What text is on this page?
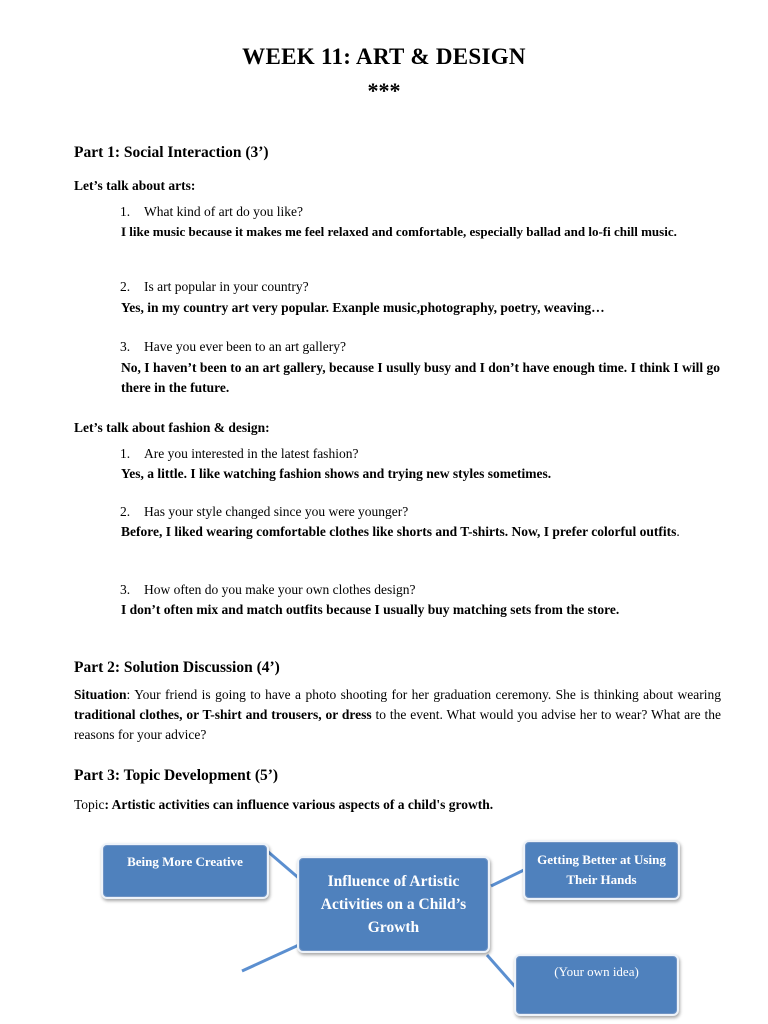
WEEK 11: ART & DESIGN
***
Part 1: Social Interaction (3’)
Let’s talk about arts:
1. What kind of art do you like?
I like music because it makes me feel relaxed and comfortable, especially ballad and lo-fi chill music.
2. Is art popular in your country?
Yes, in my country art very popular. Exanple music,photography, poetry, weaving…
3. Have you ever been to an art gallery?
No, I haven’t been to an art gallery, because I usully busy and I don’t have enough time. I think I will go there in the future.
Let’s talk about fashion & design:
1. Are you interested in the latest fashion?
Yes, a little. I like watching fashion shows and trying new styles sometimes.
2. Has your style changed since you were younger?
Before, I liked wearing comfortable clothes like shorts and T-shirts. Now, I prefer colorful outfits.
3. How often do you make your own clothes design?
I don’t often mix and match outfits because I usually buy matching sets from the store.
Part 2: Solution Discussion (4’)
Situation: Your friend is going to have a photo shooting for her graduation ceremony. She is thinking about wearing traditional clothes, or T-shirt and trousers, or dress to the event. What would you advise her to wear? What are the reasons for your advice?
Part 3: Topic Development (5’)
Topic: Artistic activities can influence various aspects of a child's growth.
Being More Creative
Influence of Artistic Activities on a Child’s Growth
Getting Better at Using Their Hands
(Your own idea)
